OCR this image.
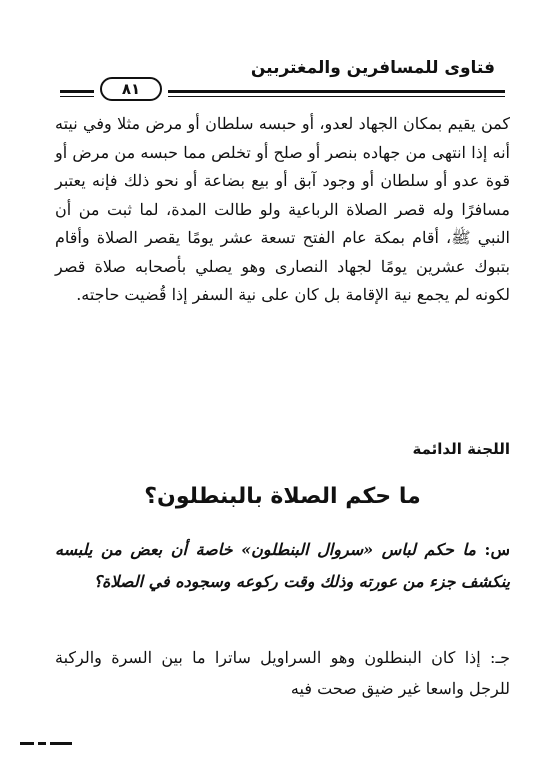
فتاوى للمسافرين والمغتربين
٨١
كمن يقيم بمكان الجهاد لعدو، أو حبسه سلطان أو مرض مثلا وفي نيته أنه إذا انتهى من جهاده بنصر أو صلح أو تخلص مما حبسه من مرض أو قوة عدو أو سلطان أو وجود آبق أو بيع بضاعة أو نحو ذلك فإنه يعتبر مسافرًا وله قصر الصلاة الرباعية ولو طالت المدة، لما ثبت من أن النبي ﷺ، أقام بمكة عام الفتح تسعة عشر يومًا يقصر الصلاة وأقام بتبوك عشرين يومًا لجهاد النصارى وهو يصلي بأصحابه صلاة قصر لكونه لم يجمع نية الإقامة بل كان على نية السفر إذا قُضيت حاجته.
اللجنة الدائمة
ما حكم الصلاة بالبنطلون؟
س: ما حكم لباس «سروال البنطلون» خاصة أن بعض من يلبسه ينكشف جزء من عورته وذلك وقت ركوعه وسجوده في الصلاة؟
جـ: إذا كان البنطلون وهو السراويل ساترا ما بين السرة والركبة للرجل واسعا غير ضيق صحت فيه
